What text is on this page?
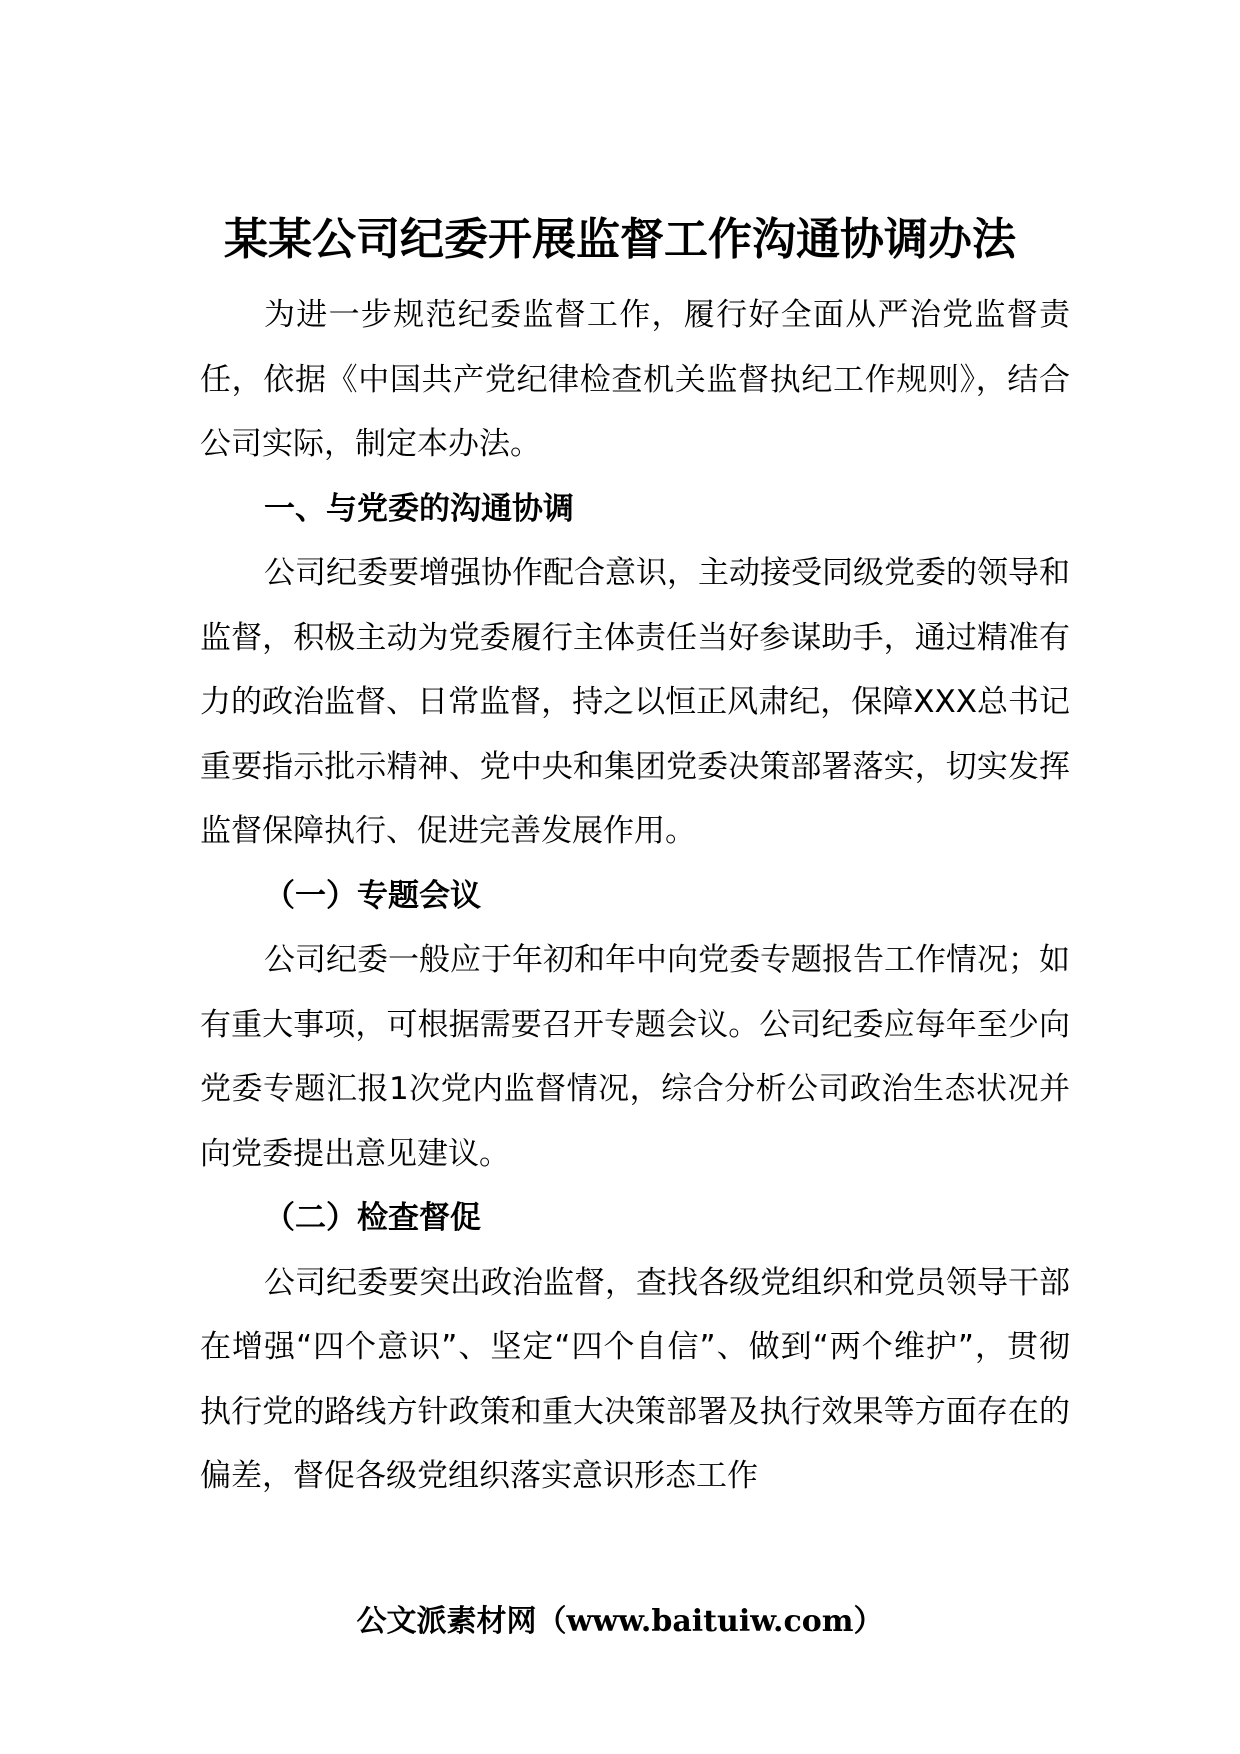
某某公司纪委开展监督工作沟通协调办法

为进一步规范纪委监督工作，履行好全面从严治党监督责任，依据《中国共产党纪律检查机关监督执纪工作规则》，结合公司实际，制定本办法。

一、与党委的沟通协调

公司纪委要增强协作配合意识，主动接受同级党委的领导和监督，积极主动为党委履行主体责任当好参谋助手，通过精准有力的政治监督、日常监督，持之以恒正风肃纪，保障XXX总书记重要指示批示精神、党中央和集团党委决策部署落实，切实发挥监督保障执行、促进完善发展作用。

（一）专题会议

公司纪委一般应于年初和年中向党委专题报告工作情况；如有重大事项，可根据需要召开专题会议。公司纪委应每年至少向党委专题汇报1次党内监督情况，综合分析公司政治生态状况并向党委提出意见建议。

（二）检查督促

公司纪委要突出政治监督，查找各级党组织和党员领导干部在增强“四个意识”、坚定“四个自信”、做到“两个维护”，贯彻执行党的路线方针政策和重大决策部署及执行效果等方面存在的偏差，督促各级党组织落实意识形态工作

公文派素材网（www.baituiw.com）
